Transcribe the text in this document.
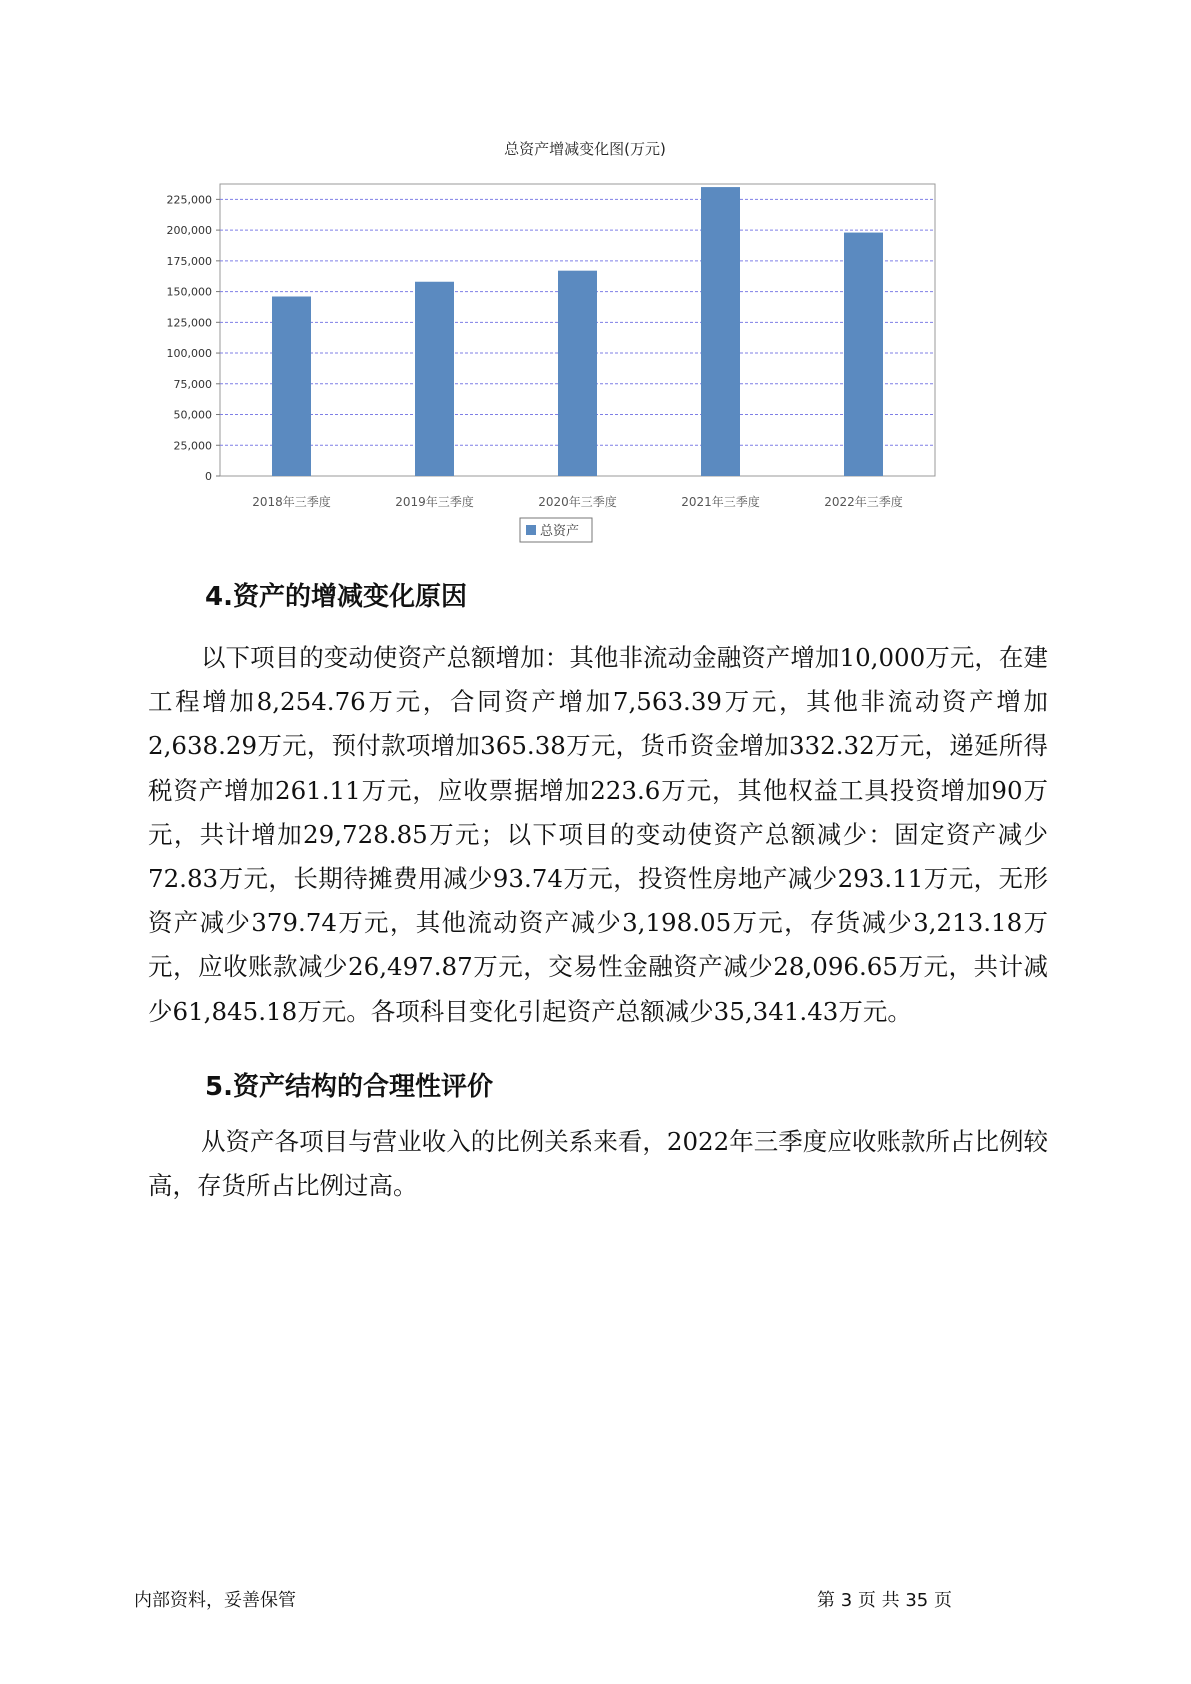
总资产增减变化图(万元)
0
25,000
50,000
75,000
100,000
125,000
150,000
175,000
200,000
225,000
2018年三季度	2019年三季度	2020年三季度	2021年三季度	2022年三季度
总资产
4.资产的增减变化原因

以下项目的变动使资产总额增加：其他非流动金融资产增加10,000万元，在建工程增加8,254.76万元，合同资产增加7,563.39万元，其他非流动资产增加2,638.29万元，预付款项增加365.38万元，货币资金增加332.32万元，递延所得税资产增加261.11万元，应收票据增加223.6万元，其他权益工具投资增加90万元，共计增加29,728.85万元；以下项目的变动使资产总额减少：固定资产减少72.83万元，长期待摊费用减少93.74万元，投资性房地产减少293.11万元，无形资产减少379.74万元，其他流动资产减少3,198.05万元，存货减少3,213.18万元，应收账款减少26,497.87万元，交易性金融资产减少28,096.65万元，共计减少61,845.18万元。各项科目变化引起资产总额减少35,341.43万元。

5.资产结构的合理性评价

从资产各项目与营业收入的比例关系来看，2022年三季度应收账款所占比例较高，存货所占比例过高。

内部资料，妥善保管	第 3 页 共 35 页
